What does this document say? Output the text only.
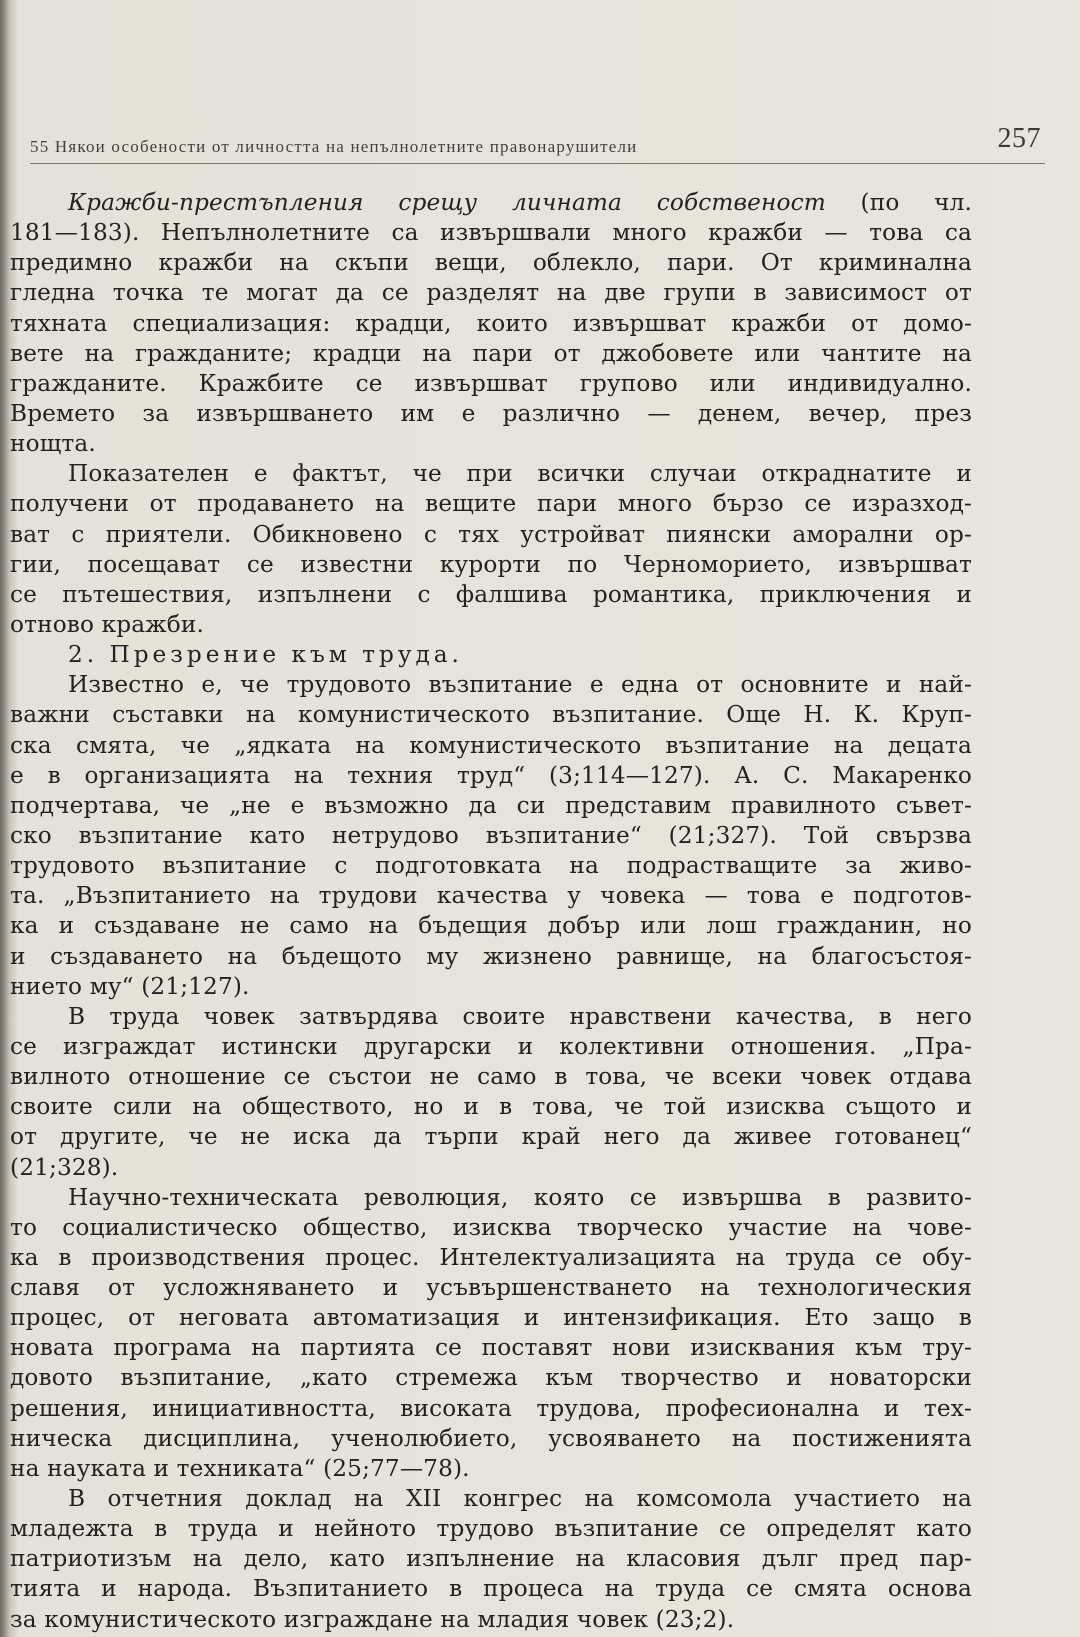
55 Някои особености от личността на непълнолетните правонарушители	257
Кражби-престъпления срещу личната собственост (по чл.
181—183). Непълнолетните са извършвали много кражби — това са
предимно кражби на скъпи вещи, облекло, пари. От криминална
гледна точка те могат да се разделят на две групи в зависимост от
тяхната специализация: крадци, които извършват кражби от домо-
вете на гражданите; крадци на пари от джобовете или чантите на
гражданите. Кражбите се извършват групово или индивидуално.
Времето за извършването им е различно — денем, вечер, през
нощта.
Показателен е фактът, че при всички случаи откраднатите и
получени от продаването на вещите пари много бързо се изразход-
ват с приятели. Обикновено с тях устройват пиянски аморални ор-
гии, посещават се известни курорти по Черноморието, извършват
се пътешествия, изпълнени с фалшива романтика, приключения и
отново кражби.
2. Презрение към труда.
Известно е, че трудовото възпитание е една от основните и най-
важни съставки на комунистическото възпитание. Още Н. К. Круп-
ска смята, че „ядката на комунистическото възпитание на децата
е в организацията на техния труд“ (3;114—127). А. С. Макаренко
подчертава, че „не е възможно да си представим правилното съвет-
ско възпитание като нетрудово възпитание“ (21;327). Той свързва
трудовото възпитание с подготовката на подрастващите за живо-
та. „Възпитанието на трудови качества у човека — това е подготов-
ка и създаване не само на бъдещия добър или лош гражданин, но
и създаването на бъдещото му жизнено равнище, на благосъстоя-
нието му“ (21;127).
В труда човек затвърдява своите нравствени качества, в него
се изграждат истински другарски и колективни отношения. „Пра-
вилното отношение се състои не само в това, че всеки човек отдава
своите сили на обществото, но и в това, че той изисква същото и
от другите, че не иска да търпи край него да живее готованец“
(21;328).
Научно-техническата революция, която се извършва в развито-
то социалистическо общество, изисква творческо участие на чове-
ка в производствения процес. Интелектуализацията на труда се обу-
славя от усложняването и усъвършенстването на технологическия
процес, от неговата автоматизация и интензификация. Ето защо в
новата програма на партията се поставят нови изисквания към тру-
довото възпитание, „като стремежа към творчество и новаторски
решения, инициативността, високата трудова, професионална и тех-
ническа дисциплина, ученолюбието, усвояването на постиженията
на науката и техниката“ (25;77—78).
В отчетния доклад на XII конгрес на комсомола участието на
младежта в труда и нейното трудово възпитание се определят като
патриотизъм на дело, като изпълнение на класовия дълг пред пар-
тията и народа. Възпитанието в процеса на труда се смята основа
за комунистическото изграждане на младия човек (23;2).
